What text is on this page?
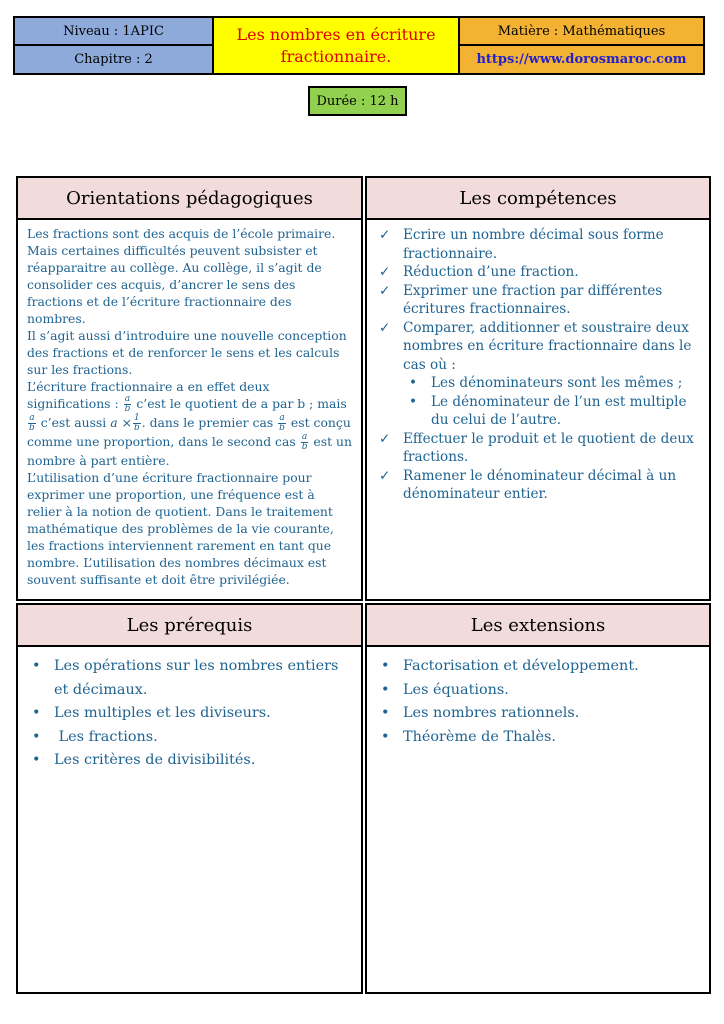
Niveau : 1APIC
Chapitre : 2
Les nombres en écriture
fractionnaire.
Matière : Mathématiques
https://www.dorosmaroc.com
Durée : 12 h
Orientations pédagogiques

Les fractions sont des acquis de l’école primaire. Mais certaines difficultés peuvent subsister et réapparaitre au collège. Au collège, il s’agit de consolider ces acquis, d’ancrer le sens des fractions et de l’écriture fractionnaire des nombres.

Il s’agit aussi d’introduire une nouvelle conception des fractions et de renforcer le sens et les calculs sur les fractions.

L’écriture fractionnaire a en effet deux significations : $\frac{a}{b}$ c’est le quotient de a par b ; mais
$\frac{a}{b}$ c’est aussi $a \times \frac{1}{b}$ . dans le premier cas $\frac{a}{b}$ est conçu comme une proportion, dans le second cas $\frac{a}{b}$ est un nombre à part entière.

L’utilisation d’une écriture fractionnaire pour exprimer une proportion, une fréquence est à relier à la notion de quotient. Dans le traitement mathématique des problèmes de la vie courante, les fractions interviennent rarement en tant que nombre. L’utilisation des nombres décimaux est souvent suffisante et doit être privilégiée.

Les compétences
✓ Ecrire un nombre décimal sous forme fractionnaire.
✓ Réduction d’une fraction.
✓ Exprimer une fraction par différentes écritures fractionnaires.
✓ Comparer, additionner et soustraire deux nombres en écriture fractionnaire dans le cas où :
• Les dénominateurs sont les mêmes ;
• Le dénominateur de l’un est multiple du celui de l’autre.
✓ Effectuer le produit et le quotient de deux fractions.
✓ Ramener le dénominateur décimal à un dénominateur entier.
Les prérequis
• Les opérations sur les nombres entiers et décimaux.
• Les multiples et les diviseurs.
• Les fractions.
• Les critères de divisibilités.
Les extensions
• Factorisation et développement.
• Les équations.
• Les nombres rationnels.
• Théorème de Thalès.
